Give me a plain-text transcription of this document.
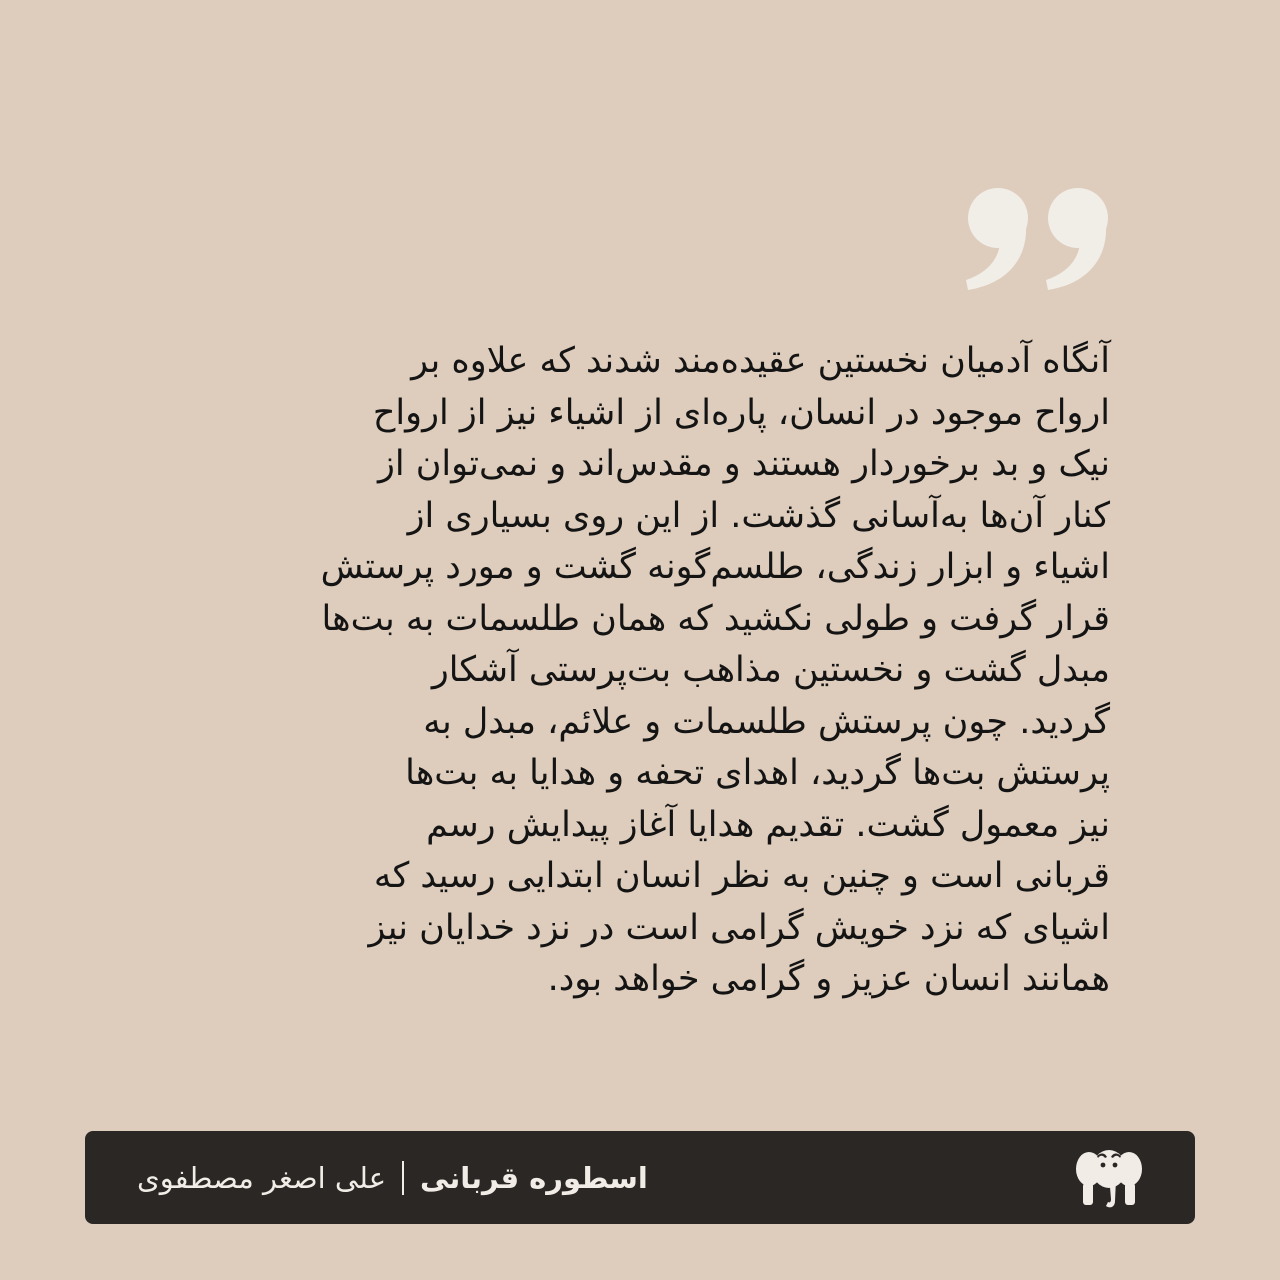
آنگاه آدمیان نخستین عقیده‌مند شدند که علاوه بر
ارواح موجود در انسان، پاره‌ای از اشیاء نیز از ارواح
نیک و بد برخوردار هستند و مقدس‌اند و نمی‌توان از
کنار آن‌ها به‌آسانی گذشت. از این روی بسیاری از
اشیاء و ابزار زندگی، طلسم‌گونه گشت و مورد پرستش
قرار گرفت و طولی نکشید که همان طلسمات به بت‌ها
مبدل گشت و نخستین مذاهب بت‌پرستی آشکار
گردید. چون پرستش طلسمات و علائم، مبدل به
پرستش بت‌ها گردید، اهدای تحفه و هدایا به بت‌ها
نیز معمول گشت. تقدیم هدایا آغاز پیدایش رسم
قربانی است و چنین به نظر انسان ابتدایی رسید که
اشیای که نزد خویش گرامی است در نزد خدایان نیز
همانند انسان عزیز و گرامی خواهد بود.
اسطوره قربانی
علی اصغر مصطفوی
